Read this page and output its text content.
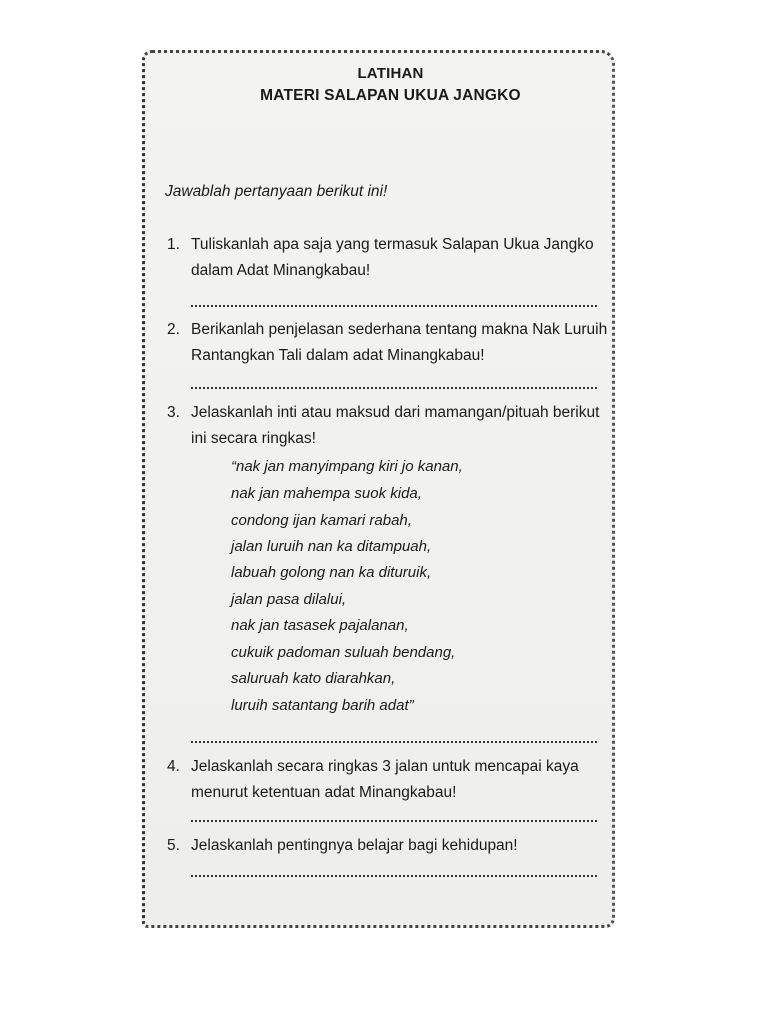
LATIHAN
MATERI SALAPAN UKUA JANGKO
Jawablah pertanyaan berikut ini!
1. Tuliskanlah apa saja yang termasuk Salapan Ukua Jangko
dalam Adat Minangkabau!
2. Berikanlah penjelasan sederhana tentang makna Nak Luruih
Rantangkan Tali dalam adat Minangkabau!
3. Jelaskanlah inti atau maksud dari mamangan/pituah berikut
ini secara ringkas!
“nak jan manyimpang kiri jo kanan,
nak jan mahempa suok kida,
condong ijan kamari rabah,
jalan luruih nan ka ditampuah,
labuah golong nan ka dituruik,
jalan pasa dilalui,
nak jan tasasek pajalanan,
cukuik padoman suluah bendang,
saluruah kato diarahkan,
luruih satantang barih adat”
4. Jelaskanlah secara ringkas 3 jalan untuk mencapai kaya
menurut ketentuan adat Minangkabau!
5. Jelaskanlah pentingnya belajar bagi kehidupan!
